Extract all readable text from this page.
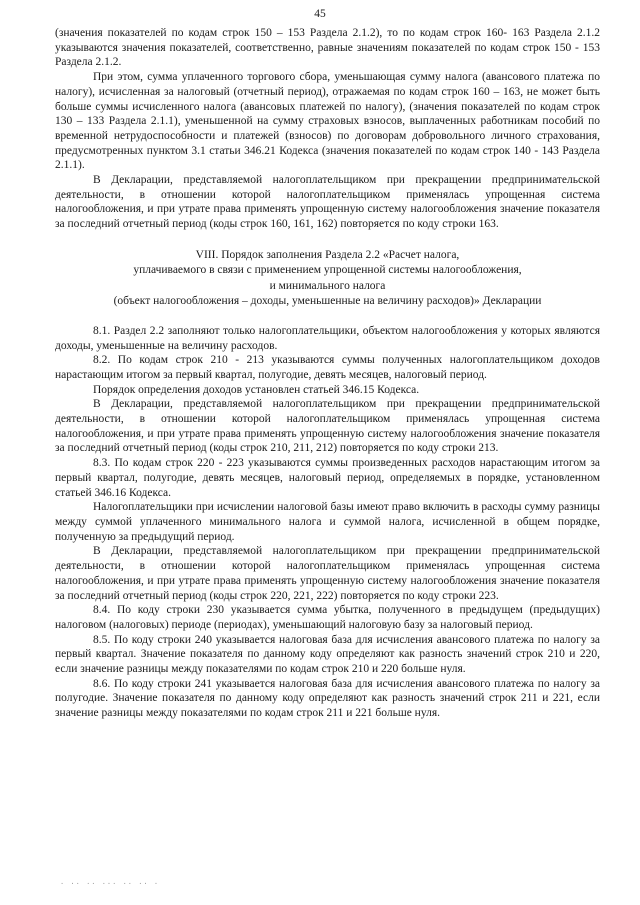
45

(значения показателей по кодам строк 150 – 153 Раздела 2.1.2), то по кодам строк 160- 163 Раздела 2.1.2 указываются значения показателей, соответственно, равные значениям показателей по кодам строк 150 - 153 Раздела 2.1.2.

При этом, сумма уплаченного торгового сбора, уменьшающая сумму налога (авансового платежа по налогу), исчисленная за налоговый (отчетный период), отражаемая по кодам строк 160 – 163, не может быть больше суммы исчисленного налога (авансовых платежей по налогу), (значения показателей по кодам строк 130 – 133 Раздела 2.1.1), уменьшенной на сумму страховых взносов, выплаченных работникам пособий по временной нетрудоспособности и платежей (взносов) по договорам добровольного личного страхования, предусмотренных пунктом 3.1 статьи 346.21 Кодекса (значения показателей по кодам строк 140 - 143 Раздела 2.1.1).

В Декларации, представляемой налогоплательщиком при прекращении предпринимательской деятельности, в отношении которой налогоплательщиком применялась упрощенная система налогообложения, и при утрате права применять упрощенную систему налогообложения значение показателя за последний отчетный период (коды строк 160, 161, 162) повторяется по коду строки 163.

VIII. Порядок заполнения Раздела 2.2 «Расчет налога,
уплачиваемого в связи с применением упрощенной системы налогообложения,
и минимального налога
(объект налогообложения – доходы, уменьшенные на величину расходов)» Декларации

8.1. Раздел 2.2 заполняют только налогоплательщики, объектом налогообложения у которых являются доходы, уменьшенные на величину расходов.

8.2. По кодам строк 210 - 213 указываются суммы полученных налогоплательщиком доходов нарастающим итогом за первый квартал, полугодие, девять месяцев, налоговый период.

Порядок определения доходов установлен статьей 346.15 Кодекса.

В Декларации, представляемой налогоплательщиком при прекращении предпринимательской деятельности, в отношении которой налогоплательщиком применялась упрощенная система налогообложения, и при утрате права применять упрощенную систему налогообложения значение показателя за последний отчетный период (коды строк 210, 211, 212) повторяется по коду строки 213.

8.3. По кодам строк 220 - 223 указываются суммы произведенных расходов нарастающим итогом за первый квартал, полугодие, девять месяцев, налоговый период, определяемых в порядке, установленном статьей 346.16 Кодекса.

Налогоплательщики при исчислении налоговой базы имеют право включить в расходы сумму разницы между суммой уплаченного минимального налога и суммой налога, исчисленной в общем порядке, полученную за предыдущий период.

В Декларации, представляемой налогоплательщиком при прекращении предпринимательской деятельности, в отношении которой налогоплательщиком применялась упрощенная система налогообложения, и при утрате права применять упрощенную систему налогообложения значение показателя за последний отчетный период (коды строк 220, 221, 222) повторяется по коду строки 223.

8.4. По коду строки 230 указывается сумма убытка, полученного в предыдущем (предыдущих) налоговом (налоговых) периоде (периодах), уменьшающий налоговую базу за налоговый период.

8.5. По коду строки 240 указывается налоговая база для исчисления авансового платежа по налогу за первый квартал. Значение показателя по данному коду определяют как разность значений строк 210 и 220, если значение разницы между показателями по кодам строк 210 и 220 больше нуля.

8.6. По коду строки 241 указывается налоговая база для исчисления авансового платежа по налогу за полугодие. Значение показателя по данному коду определяют как разность значений строк 211 и 221, если значение разницы между показателями по кодам строк 211 и 221 больше нуля.

· ·· ·· ··· ·· ·· ·
